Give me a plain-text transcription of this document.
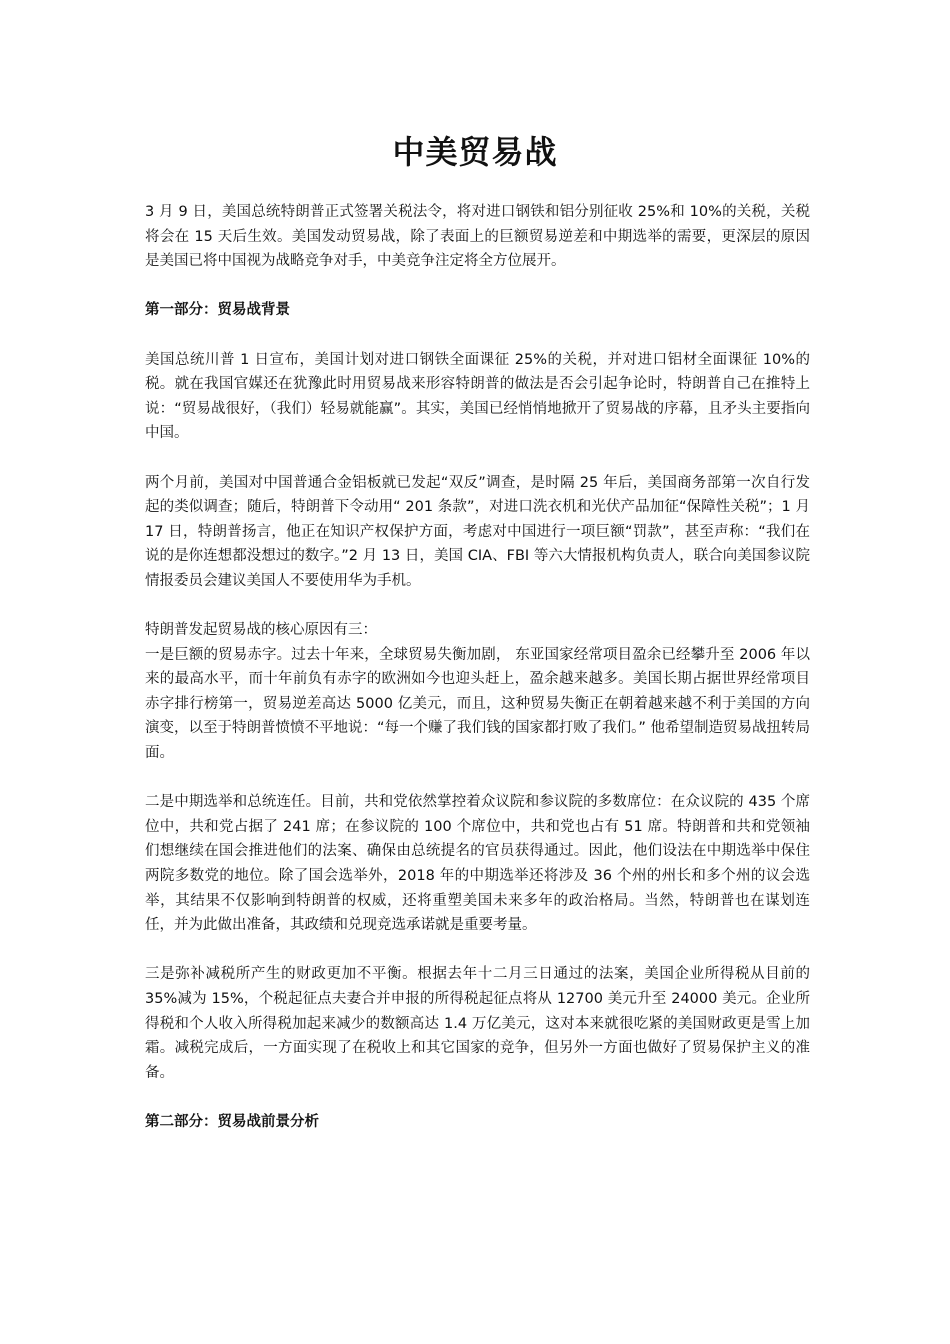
中美贸易战

3 月 9 日，美国总统特朗普正式签署关税法令，将对进口钢铁和铝分别征收 25%和 10%的关税，关税将会在 15 天后生效。美国发动贸易战，除了表面上的巨额贸易逆差和中期选举的需要，更深层的原因是美国已将中国视为战略竞争对手，中美竞争注定将全方位展开。

第一部分：贸易战背景

美国总统川普 1 日宣布，美国计划对进口钢铁全面课征 25%的关税，并对进口铝材全面课征 10%的税。就在我国官媒还在犹豫此时用贸易战来形容特朗普的做法是否会引起争论时，特朗普自己在推特上说：“贸易战很好，（我们）轻易就能赢”。其实，美国已经悄悄地掀开了贸易战的序幕，且矛头主要指向中国。

两个月前，美国对中国普通合金铝板就已发起“双反”调查，是时隔 25 年后，美国商务部第一次自行发起的类似调查；随后，特朗普下令动用“ 201 条款”，对进口洗衣机和光伏产品加征“保障性关税”；1 月 17 日，特朗普扬言，他正在知识产权保护方面，考虑对中国进行一项巨额“罚款”，甚至声称：“我们在说的是你连想都没想过的数字。”2 月 13 日，美国 CIA、FBI 等六大情报机构负责人，联合向美国参议院情报委员会建议美国人不要使用华为手机。

特朗普发起贸易战的核心原因有三：

一是巨额的贸易赤字。过去十年来，全球贸易失衡加剧， 东亚国家经常项目盈余已经攀升至 2006 年以来的最高水平，而十年前负有赤字的欧洲如今也迎头赶上，盈余越来越多。美国长期占据世界经常项目赤字排行榜第一，贸易逆差高达 5000 亿美元，而且，这种贸易失衡正在朝着越来越不利于美国的方向演变，以至于特朗普愤愤不平地说：“每一个赚了我们钱的国家都打败了我们。” 他希望制造贸易战扭转局面。

二是中期选举和总统连任。目前，共和党依然掌控着众议院和参议院的多数席位：在众议院的 435 个席位中，共和党占据了 241 席；在参议院的 100 个席位中，共和党也占有 51 席。特朗普和共和党领袖们想继续在国会推进他们的法案、确保由总统提名的官员获得通过。因此，他们设法在中期选举中保住两院多数党的地位。除了国会选举外，2018 年的中期选举还将涉及 36 个州的州长和多个州的议会选举，其结果不仅影响到特朗普的权威，还将重塑美国未来多年的政治格局。当然，特朗普也在谋划连任，并为此做出准备，其政绩和兑现竞选承诺就是重要考量。

三是弥补减税所产生的财政更加不平衡。根据去年十二月三日通过的法案，美国企业所得税从目前的 35%减为 15%，个税起征点夫妻合并申报的所得税起征点将从 12700 美元升至 24000 美元。企业所得税和个人收入所得税加起来减少的数额高达 1.4 万亿美元，这对本来就很吃紧的美国财政更是雪上加霜。减税完成后，一方面实现了在税收上和其它国家的竞争，但另外一方面也做好了贸易保护主义的准备。

第二部分：贸易战前景分析
